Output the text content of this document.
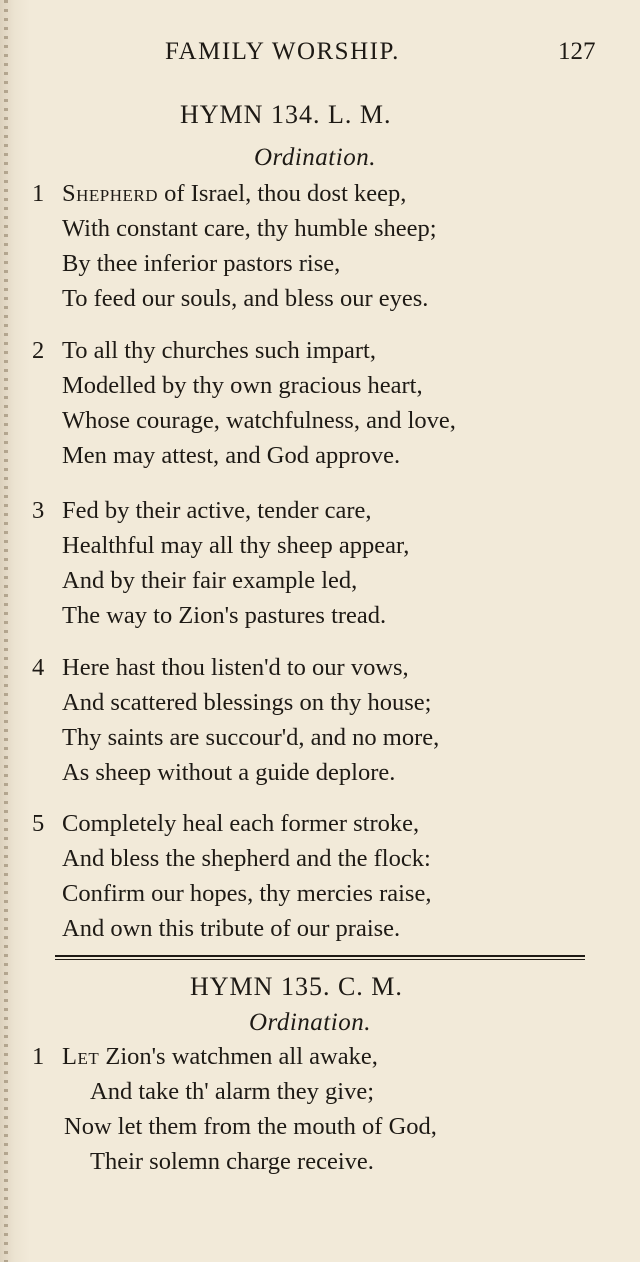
FAMILY WORSHIP.	127
HYMN 134. L. M.
Ordination.
1 Shepherd of Israel, thou dost keep,
With constant care, thy humble sheep;
By thee inferior pastors rise,
To feed our souls, and bless our eyes.
2 To all thy churches such impart,
Modelled by thy own gracious heart,
Whose courage, watchfulness, and love,
Men may attest, and God approve.
3 Fed by their active, tender care,
Healthful may all thy sheep appear,
And by their fair example led,
The way to Zion's pastures tread.
4 Here hast thou listen'd to our vows,
And scattered blessings on thy house;
Thy saints are succour'd, and no more,
As sheep without a guide deplore.
5 Completely heal each former stroke,
And bless the shepherd and the flock:
Confirm our hopes, thy mercies raise,
And own this tribute of our praise.
HYMN 135. C. M.
Ordination.
1 Let Zion's watchmen all awake,
And take th' alarm they give;
Now let them from the mouth of God,
Their solemn charge receive.
